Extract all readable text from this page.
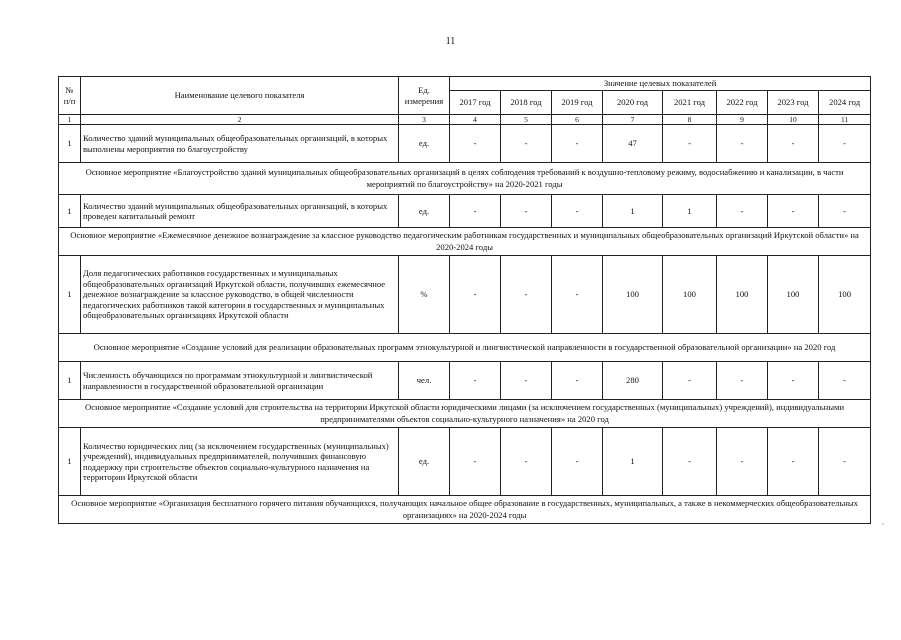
11
№ п/п	Наименование целевого показателя	Ед. измерения	Значение целевых показателей							
			2017 год	2018 год	2019 год	2020 год	2021 год	2022 год	2023 год	2024 год
1	2	3	4	5	6	7	8	9	10	11
1	Количество зданий муниципальных общеобразовательных организаций, в которых выполнены мероприятия по благоустройству	ед.	-	-	-	47	-	-	-	-
Основное мероприятие «Благоустройство зданий муниципальных общеобразовательных организаций в целях соблюдения требований к воздушно-тепловому режиму, водоснабжению и канализации, в части мероприятий по благоустройству» на 2020-2021 годы										
1	Количество зданий муниципальных общеобразовательных организаций, в которых проведен капитальный ремонт	ед.	-	-	-	1	1	-	-	-
Основное мероприятие «Ежемесячное денежное вознаграждение за классное руководство педагогическим работникам государственных и муниципальных общеобразовательных организаций Иркутской области» на 2020-2024 годы										
1	Доля педагогических работников государственных и муниципальных общеобразовательных организаций Иркутской области, получивших ежемесячное денежное вознаграждение за классное руководство, в общей численности педагогических работников такой категории в государственных и муниципальных общеобразовательных организациях Иркутской области	%	-	-	-	100	100	100	100	100
Основное мероприятие «Создание условий для реализации образовательных программ этнокультурной и лингвистической направленности в государственной образовательной организации» на 2020 год										
1	Численность обучающихся по программам этнокультурной и лингвистической направленности в государственной образовательной организации	чел.	-	-	-	280	-	-	-	-
Основное мероприятие «Создание условий для строительства на территории Иркутской области юридическими лицами (за исключением государственных (муниципальных) учреждений), индивидуальными предпринимателями объектов социально-культурного назначения» на 2020 год										
1	Количество юридических лиц (за исключением государственных (муниципальных) учреждений), индивидуальных предпринимателей, получивших финансовую поддержку при строительстве объектов социально-культурного назначения на территории Иркутской области	ед.	-	-	-	1	-	-	-	-
Основное мероприятие «Организация бесплатного горячего питания обучающихся, получающих начальное общее образование в государственных, муниципальных, а также в некоммерческих общеобразовательных организациях» на 2020-2024 годы										
,
